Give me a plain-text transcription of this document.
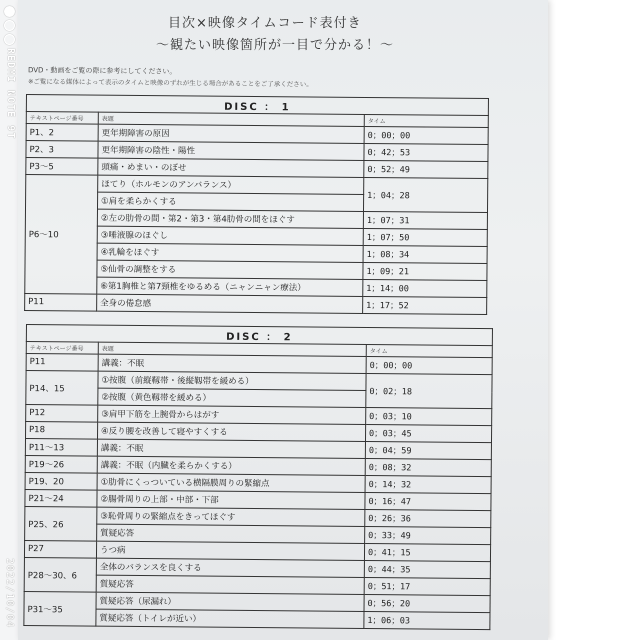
REDMI NOTE 9T
2022/10/04
目次×映像タイムコード表付き
～観たい映像箇所が一目で分かる！～
DVD・動画をご覧の際に参考にしてください。
※ご覧になる媒体によって表示のタイムと映像のずれが生じる場合があることをご了承ください。
DISC ： 1		
テキストページ番号	表題	タイム
P1、2	更年期障害の原因	0；00；00
P2、3	更年期障害の陰性・陽性	0；42；53
P3～5	頭痛・めまい・のぼせ	0；52；49
P6～10	ほてり（ホルモンのアンバランス）	1；04；28
	①肩を柔らかくする	
	②左の肋骨の間・第2・第3・第4肋骨の間をほぐす	1；07；31
	③唾液腺のほぐし	1；07；50
	④乳輪をほぐす	1；08；34
	⑤仙骨の調整をする	1；09；21
	⑥第1胸椎と第7頸椎をゆるめる（ニャンニャン療法）	1；14；00
P11	全身の倦怠感	1；17；52
DISC ： 2		
テキストページ番号	表題	タイム
P11	講義：不眠	0；00；00
P14、15	①按腹（前縦靱帯・後縦靱帯を緩める）	0；02；18
	②按腹（黄色靱帯を緩める）	
P12	③肩甲下筋を上腕骨からはがす	0；03；10
P18	④反り腰を改善して寝やすくする	0；03；45
P11～13	講義：不眠	0；04；59
P19～26	講義：不眠（内臓を柔らかくする）	0；08；32
P19、20	①肋骨にくっついている横隔膜周りの緊縮点	0；14；32
P21～24	②腸骨周りの上部・中部・下部	0；16；47
P25、26	③恥骨周りの緊縮点をきってほぐす	0；26；36
	質疑応答	0；33；49
P27	うつ病	0；41；15
P28～30、6	全体のバランスを良くする	0；44；35
	質疑応答	0；51；17
P31～35	質疑応答（尿漏れ）	0；56；20
	質疑応答（トイレが近い）	1；06；03
